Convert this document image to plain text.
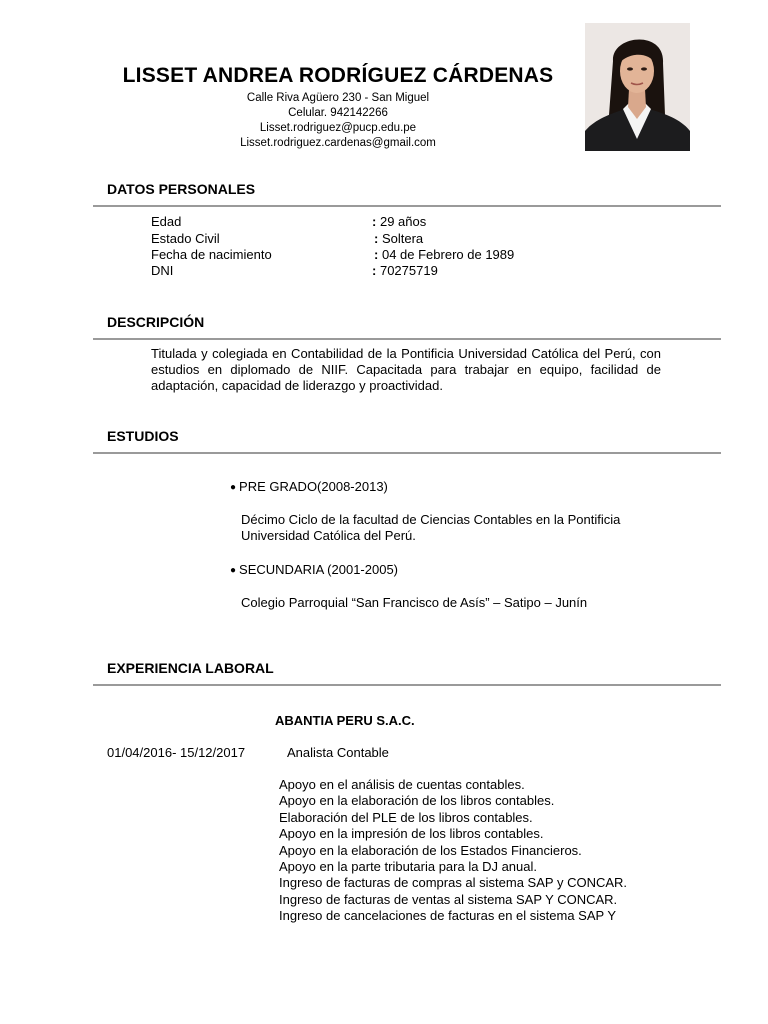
LISSET ANDREA RODRÍGUEZ CÁRDENAS
Calle Riva Agüero 230 - San Miguel
Celular. 942142266
Lisset.rodriguez@pucp.edu.pe
Lisset.rodriguez.cardenas@gmail.com
DATOS PERSONALES
Edad	: 29 años
Estado Civil	: Soltera
Fecha de nacimiento	: 04 de Febrero de 1989
DNI	: 70275719
DESCRIPCIÓN
Titulada y colegiada en Contabilidad de la Pontificia Universidad Católica del Perú, con estudios en diplomado de NIIF. Capacitada para trabajar en equipo, facilidad de adaptación, capacidad de liderazgo y proactividad.
ESTUDIOS
● PRE GRADO(2008-2013)
Décimo Ciclo de la facultad de Ciencias Contables en la Pontificia
Universidad Católica del Perú.
● SECUNDARIA (2001-2005)
Colegio Parroquial “San Francisco de Asís” – Satipo – Junín
EXPERIENCIA LABORAL
ABANTIA PERU S.A.C.
01/04/2016- 15/12/2017	Analista Contable
Apoyo en el análisis de cuentas contables.
Apoyo en la elaboración de los libros contables.
Elaboración del PLE de los libros contables.
Apoyo en la impresión de los libros contables.
Apoyo en la elaboración de los Estados Financieros.
Apoyo en la parte tributaria para la DJ anual.
Ingreso de facturas de compras al sistema SAP y CONCAR.
Ingreso de facturas de ventas al sistema SAP Y CONCAR.
Ingreso de cancelaciones de facturas en el sistema SAP Y
